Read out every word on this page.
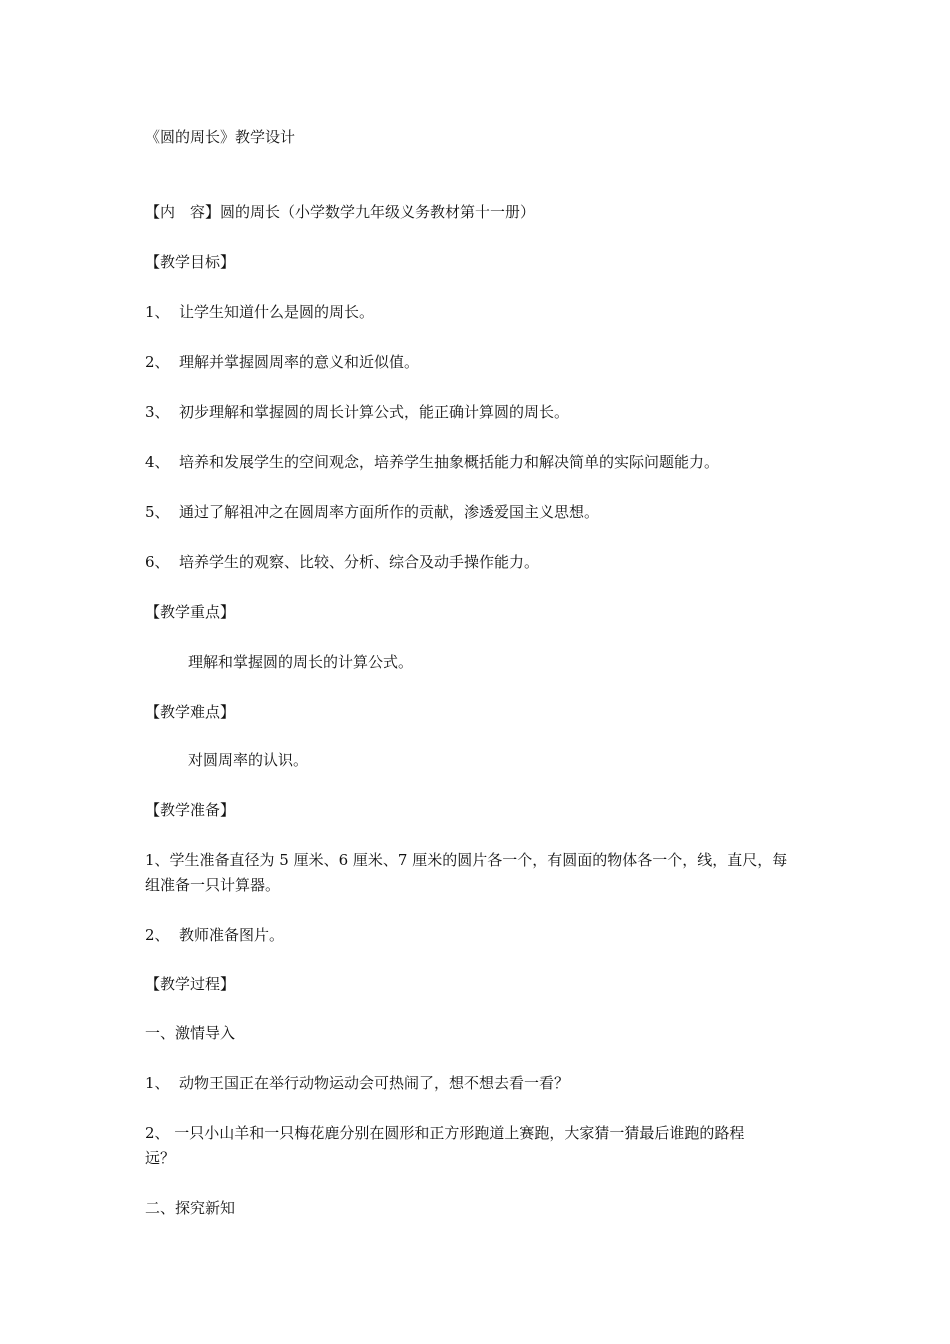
《圆的周长》教学设计
【内　容】圆的周长（小学数学九年级义务教材第十一册）
【教学目标】
1、 让学生知道什么是圆的周长。
2、 理解并掌握圆周率的意义和近似值。
3、 初步理解和掌握圆的周长计算公式，能正确计算圆的周长。
4、 培养和发展学生的空间观念，培养学生抽象概括能力和解决简单的实际问题能力。
5、 通过了解祖冲之在圆周率方面所作的贡献，渗透爱国主义思想。
6、 培养学生的观察、比较、分析、综合及动手操作能力。
【教学重点】
理解和掌握圆的周长的计算公式。
【教学难点】
对圆周率的认识。
【教学准备】
1、学生准备直径为 5 厘米、6 厘米、7 厘米的圆片各一个，有圆面的物体各一个，线，直尺，每
组准备一只计算器。
2、 教师准备图片。
【教学过程】
一、激情导入
1、 动物王国正在举行动物运动会可热闹了，想不想去看一看？
2、 一只小山羊和一只梅花鹿分别在圆形和正方形跑道上赛跑，大家猜一猜最后谁跑的路程
远？
二、探究新知
